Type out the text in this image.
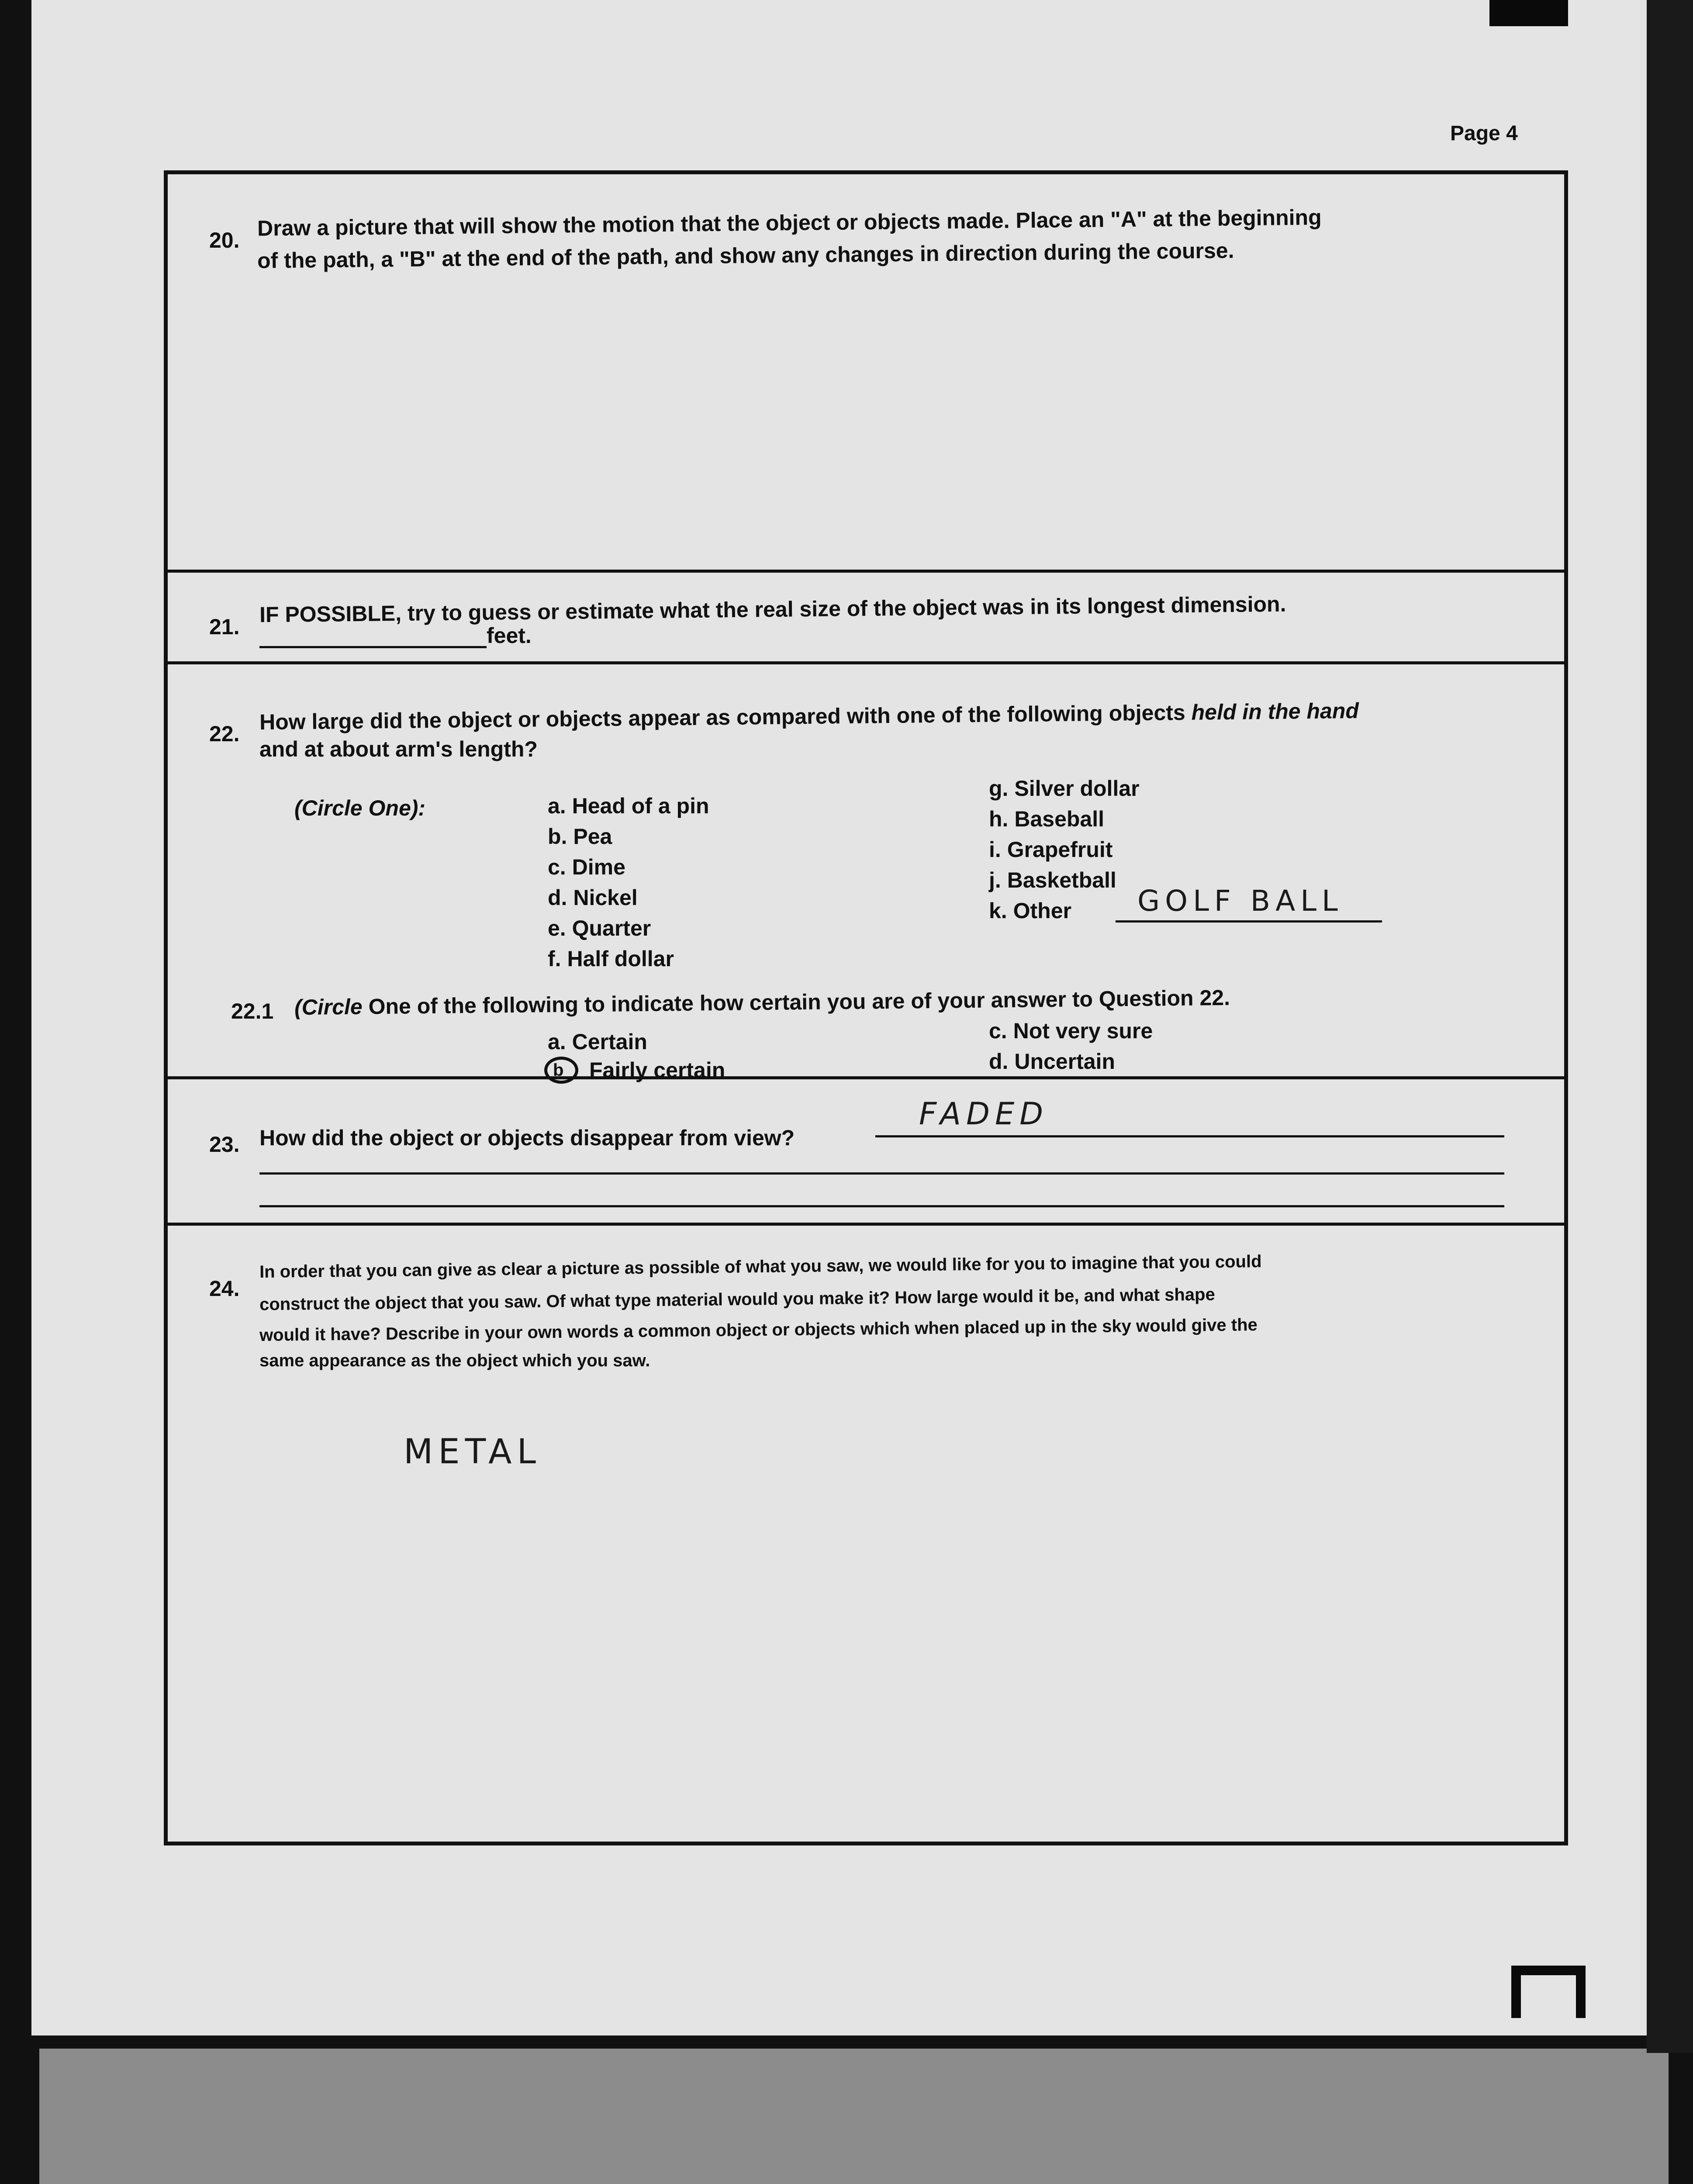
Page 4
20. Draw a picture that will show the motion that the object or objects made. Place an "A" at the beginning
of the path, a "B" at the end of the path, and show any changes in direction during the course.
21. IF POSSIBLE, try to guess or estimate what the real size of the object was in its longest dimension.
feet.
22. How large did the object or objects appear as compared with one of the following objects held in the hand
and at about arm's length?
(Circle One):	a. Head of a pin
b. Pea
c. Dime
d. Nickel
e. Quarter
f. Half dollar
g. Silver dollar
h. Baseball
i. Grapefruit
j. Basketball
k. Other GOLF BALL
22.1 (Circle One of the following to indicate how certain you are of your answer to Question 22.
a. Certain
b Fairly certain
c. Not very sure
d. Uncertain
23. How did the object or objects disappear from view?
FADED
24.
In order that you can give as clear a picture as possible of what you saw, we would like for you to imagine that you could
construct the object that you saw. Of what type material would you make it? How large would it be, and what shape
would it have? Describe in your own words a common object or objects which when placed up in the sky would give the
same appearance as the object which you saw.
METAL
